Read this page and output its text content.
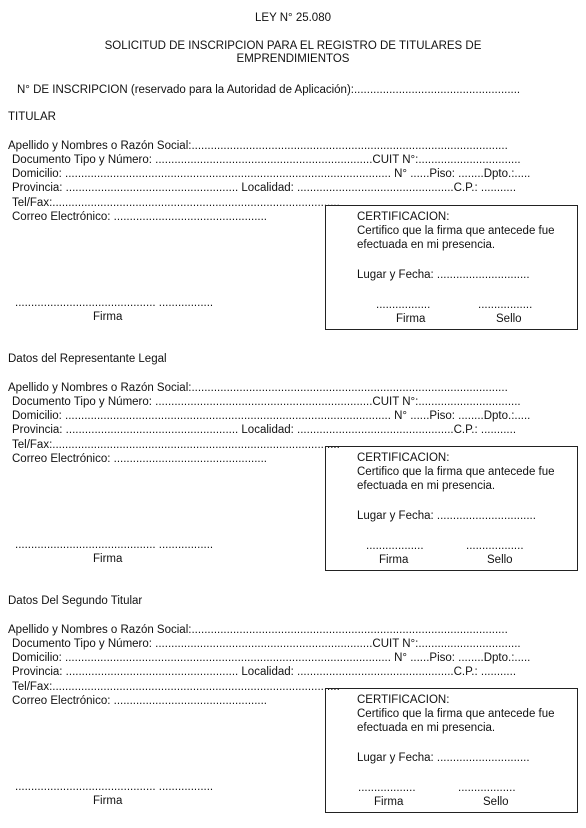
LEY N° 25.080
SOLICITUD DE INSCRIPCION PARA EL REGISTRO DE TITULARES DE
EMPRENDIMIENTOS
N° DE INSCRIPCION (reservado para la Autoridad de Aplicación):....................................................
TITULAR
Apellido y Nombres o Razón Social:...................................................................................................
Documento Tipo y Número: ....................................................................CUIT N°:................................
Domicilio: ...................................................................................................... N° ......Piso: ........Dpto.:.....
Provincia: ...................................................... Localidad: .................................................C.P.: ...........
Tel/Fax:..........................................................................................
Correo Electrónico: ................................................
............................................ .................
Firma
CERTIFICACION:
Certifico que la firma que antecede fue
efectuada en mi presencia.
Lugar y Fecha: .............................
.................	.................
Firma	Sello
Datos del Representante Legal
Apellido y Nombres o Razón Social:...................................................................................................
Documento Tipo y Número: ....................................................................CUIT N°:................................
Domicilio: ...................................................................................................... N° ......Piso: ........Dpto.:.....
Provincia: ...................................................... Localidad: .................................................C.P.: ...........
Tel/Fax:..........................................................................................
Correo Electrónico: ................................................
............................................ .................
Firma
CERTIFICACION:
Certifico que la firma que antecede fue
efectuada en mi presencia.
Lugar y Fecha: ...............................
..................	..................
Firma	Sello
Datos Del Segundo Titular
Apellido y Nombres o Razón Social:...................................................................................................
Documento Tipo y Número: ....................................................................CUIT N°:................................
Domicilio: ...................................................................................................... N° ......Piso: ........Dpto.:.....
Provincia: ...................................................... Localidad: .................................................C.P.: ...........
Tel/Fax:..........................................................................................
Correo Electrónico: ................................................
............................................ .................
Firma
CERTIFICACION:
Certifico que la firma que antecede fue
efectuada en mi presencia.
Lugar y Fecha: .............................
..................	..................
Firma	Sello
